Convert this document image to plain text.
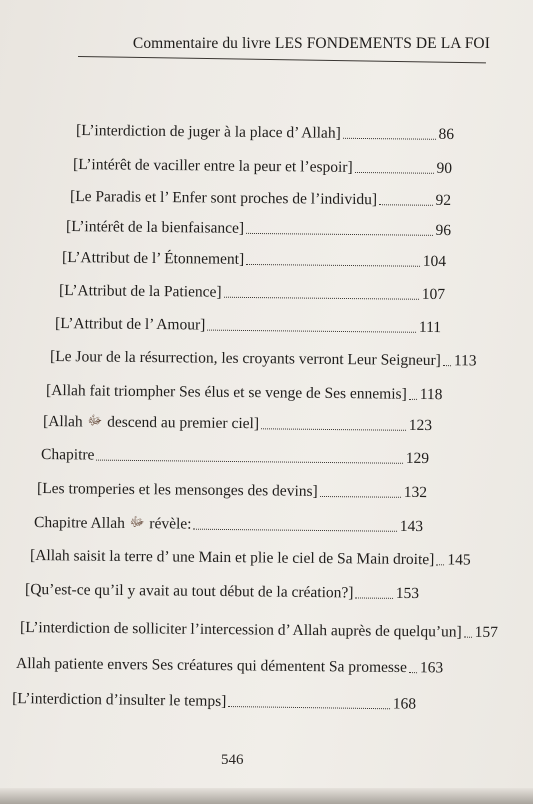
Commentaire du livre LES FONDEMENTS DE LA FOI
[L’interdiction de juger à la place d’ Allah]	86
[L’intérêt de vaciller entre la peur et l’espoir]	90
[Le Paradis et l’ Enfer sont proches de l’individu]	92
[L’intérêt de la bienfaisance]	96
[L’Attribut de l’ Étonnement]	104
[L’Attribut de la Patience]	107
[L’Attribut de l’ Amour]	111
[Le Jour de la résurrection, les croyants verront Leur Seigneur] 113
[Allah fait triompher Ses élus et se venge de Ses ennemis] 118
[Allah ﷻ descend au premier ciel]	123
Chapitre	129
[Les tromperies et les mensonges des devins]	132
Chapitre Allah ﷻ révèle:	143
[Allah saisit la terre d’ une Main et plie le ciel de Sa Main droite] 145
[Qu’est-ce qu’il y avait au tout début de la création?]	153
[L’interdiction de solliciter l’intercession d’ Allah auprès de quelqu’un] 157
Allah patiente envers Ses créatures qui démentent Sa promesse 163
[L’interdiction d’insulter le temps]	168
546
